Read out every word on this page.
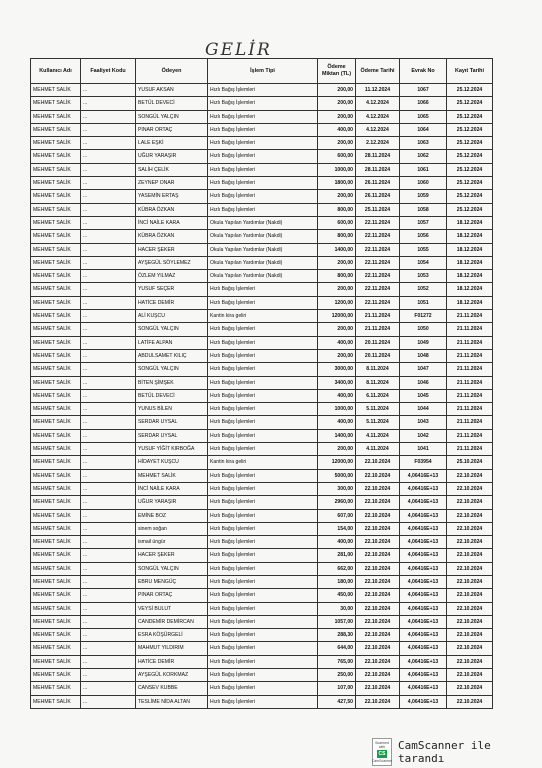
GELİR
Kullanıcı Adı	Faaliyet Kodu	Ödeyen	İşlem Tipi	Ödeme Miktarı (TL)	Ödeme Tarihi	Evrak No	Kayıt Tarihi
MEHMET SALİK	...	YUSUF AKSAN	Hızlı Bağış İşlemleri	200,00	11.12.2024	1067	25.12.2024
MEHMET SALİK	...	BETÜL DEVECİ	Hızlı Bağış İşlemleri	200,00	4.12.2024	1066	25.12.2024
MEHMET SALİK	...	SONGÜL YALÇIN	Hızlı Bağış İşlemleri	200,00	4.12.2024	1065	25.12.2024
MEHMET SALİK	...	PINAR ORTAÇ	Hızlı Bağış İşlemleri	400,00	4.12.2024	1064	25.12.2024
MEHMET SALİK	...	LALE EŞKİ	Hızlı Bağış İşlemleri	200,00	2.12.2024	1063	25.12.2024
MEHMET SALİK	...	UĞUR YARAŞIR	Hızlı Bağış İşlemleri	600,00	28.11.2024	1062	25.12.2024
MEHMET SALİK	...	SALİH ÇELİK	Hızlı Bağış İşlemleri	1000,00	28.11.2024	1061	25.12.2024
MEHMET SALİK	...	ZEYNEP ONAR	Hızlı Bağış İşlemleri	1800,00	26.11.2024	1060	25.12.2024
MEHMET SALİK	...	YASEMİN ERTAŞ	Hızlı Bağış İşlemleri	200,00	26.11.2024	1059	25.12.2024
MEHMET SALİK	...	KÜBRA ÖZKAN	Hızlı Bağış İşlemleri	800,00	25.11.2024	1058	25.12.2024
MEHMET SALİK	...	İNCİ NAİLE KARA	Okula Yapılan Yardımlar (Nakdi)	600,00	22.11.2024	1057	18.12.2024
MEHMET SALİK	...	KÜBRA ÖZKAN	Okula Yapılan Yardımlar (Nakdi)	800,00	22.11.2024	1056	18.12.2024
MEHMET SALİK	...	HACER ŞEKER	Okula Yapılan Yardımlar (Nakdi)	1400,00	22.11.2024	1055	18.12.2024
MEHMET SALİK	...	AYŞEGÜL SÖYLEMEZ	Okula Yapılan Yardımlar (Nakdi)	200,00	22.11.2024	1054	18.12.2024
MEHMET SALİK	...	ÖZLEM YILMAZ	Okula Yapılan Yardımlar (Nakdi)	800,00	22.11.2024	1053	18.12.2024
MEHMET SALİK	...	YUSUF SEÇER	Hızlı Bağış İşlemleri	200,00	22.11.2024	1052	18.12.2024
MEHMET SALİK	...	HATİCE DEMİR	Hızlı Bağış İşlemleri	1200,00	22.11.2024	1051	18.12.2024
MEHMET SALİK	...	ALİ KUŞCU	Kantin kira geliri	12000,00	21.11.2024	F01272	21.11.2024
MEHMET SALİK	...	SONGÜL YALÇIN	Hızlı Bağış İşlemleri	200,00	21.11.2024	1050	21.11.2024
MEHMET SALİK	...	LATİFE ALPAN	Hızlı Bağış İşlemleri	400,00	20.11.2024	1049	21.11.2024
MEHMET SALİK	...	ABDULSAMET KILIÇ	Hızlı Bağış İşlemleri	200,00	20.11.2024	1048	21.11.2024
MEHMET SALİK	...	SONGÜL YALÇIN	Hızlı Bağış İşlemleri	3000,00	8.11.2024	1047	21.11.2024
MEHMET SALİK	...	BİTEN ŞİMŞEK	Hızlı Bağış İşlemleri	3400,00	8.11.2024	1046	21.11.2024
MEHMET SALİK	...	BETÜL DEVECİ	Hızlı Bağış İşlemleri	400,00	6.11.2024	1045	21.11.2024
MEHMET SALİK	...	YUNUS BİLEN	Hızlı Bağış İşlemleri	1000,00	5.11.2024	1044	21.11.2024
MEHMET SALİK	...	SERDAR UYSAL	Hızlı Bağış İşlemleri	400,00	5.11.2024	1043	21.11.2024
MEHMET SALİK	...	SERDAR UYSAL	Hızlı Bağış İşlemleri	1400,00	4.11.2024	1042	21.11.2024
MEHMET SALİK	...	YUSUF YİĞİT KIRBOĞA	Hızlı Bağış İşlemleri	200,00	4.11.2024	1041	21.11.2024
MEHMET SALİK	...	HİDAYET KUŞCU	Kantin kira geliri	12000,00	22.10.2024	F03954	25.10.2024
MEHMET SALİK	...	MEHMET SALİK	Hızlı Bağış İşlemleri	5000,00	22.10.2024	4,06416E+13	22.10.2024
MEHMET SALİK	...	İNCİ NAİLE KARA	Hızlı Bağış İşlemleri	300,00	22.10.2024	4,06416E+13	22.10.2024
MEHMET SALİK	...	UĞUR YARAŞIR	Hızlı Bağış İşlemleri	2960,00	22.10.2024	4,06416E+13	22.10.2024
MEHMET SALİK	...	EMİNE BOZ	Hızlı Bağış İşlemleri	607,00	22.10.2024	4,06416E+13	22.10.2024
MEHMET SALİK	...	sinem soğan	Hızlı Bağış İşlemleri	154,00	22.10.2024	4,06416E+13	22.10.2024
MEHMET SALİK	...	ismail üngür	Hızlı Bağış İşlemleri	400,00	22.10.2024	4,06416E+13	22.10.2024
MEHMET SALİK	...	HACER ŞEKER	Hızlı Bağış İşlemleri	281,00	22.10.2024	4,06416E+13	22.10.2024
MEHMET SALİK	...	SONGÜL YALÇIN	Hızlı Bağış İşlemleri	662,00	22.10.2024	4,06416E+13	22.10.2024
MEHMET SALİK	...	EBRU MENGÜÇ	Hızlı Bağış İşlemleri	180,00	22.10.2024	4,06416E+13	22.10.2024
MEHMET SALİK	...	PINAR ORTAÇ	Hızlı Bağış İşlemleri	450,00	22.10.2024	4,06416E+13	22.10.2024
MEHMET SALİK	...	VEYSİ BULUT	Hızlı Bağış İşlemleri	30,00	22.10.2024	4,06416E+13	22.10.2024
MEHMET SALİK	...	CANDEMİR DEMİRCAN	Hızlı Bağış İşlemleri	1057,00	22.10.2024	4,06416E+13	22.10.2024
MEHMET SALİK	...	ESRA KÖŞÜRGELİ	Hızlı Bağış İşlemleri	288,30	22.10.2024	4,06416E+13	22.10.2024
MEHMET SALİK	...	MAHMUT YILDIRIM	Hızlı Bağış İşlemleri	644,00	22.10.2024	4,06416E+13	22.10.2024
MEHMET SALİK	...	HATİCE DEMİR	Hızlı Bağış İşlemleri	765,00	22.10.2024	4,06416E+13	22.10.2024
MEHMET SALİK	...	AYŞEGÜL KORKMAZ	Hızlı Bağış İşlemleri	250,00	22.10.2024	4,06416E+13	22.10.2024
MEHMET SALİK	...	CANSEV KUBBE	Hızlı Bağış İşlemleri	107,00	22.10.2024	4,06416E+13	22.10.2024
MEHMET SALİK	...	TESLİME NİDA ALTAN	Hızlı Bağış İşlemleri	427,50	22.10.2024	4,06416E+13	22.10.2024
Scanned with
CS
CamScanner
CamScanner ile tarandı
